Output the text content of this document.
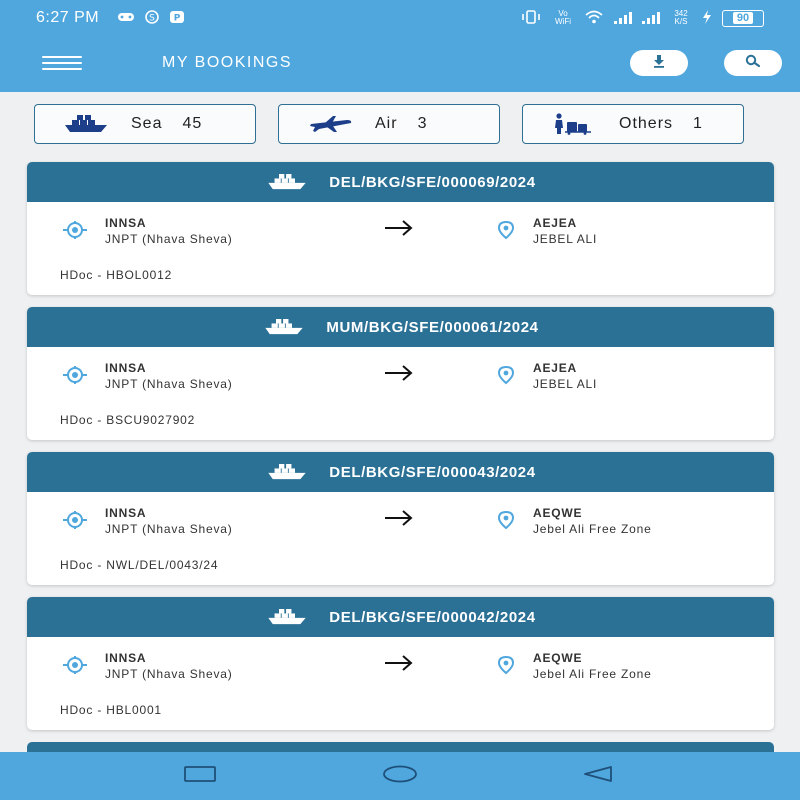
6:27 PM	S P	Vo WiFi
342 K/S	90
MY BOOKINGS
Sea 45	Air 3	Others 1
DEL/BKG/SFE/000069/2024
INNSA
JNPT (Nhava Sheva)
AEJEA
JEBEL ALI
HDoc - HBOL0012
MUM/BKG/SFE/000061/2024
INNSA
JNPT (Nhava Sheva)
AEJEA
JEBEL ALI
HDoc - BSCU9027902
DEL/BKG/SFE/000043/2024
INNSA
JNPT (Nhava Sheva)
AEQWE
Jebel Ali Free Zone
HDoc - NWL/DEL/0043/24
DEL/BKG/SFE/000042/2024
INNSA
JNPT (Nhava Sheva)
AEQWE
Jebel Ali Free Zone
HDoc - HBL0001
